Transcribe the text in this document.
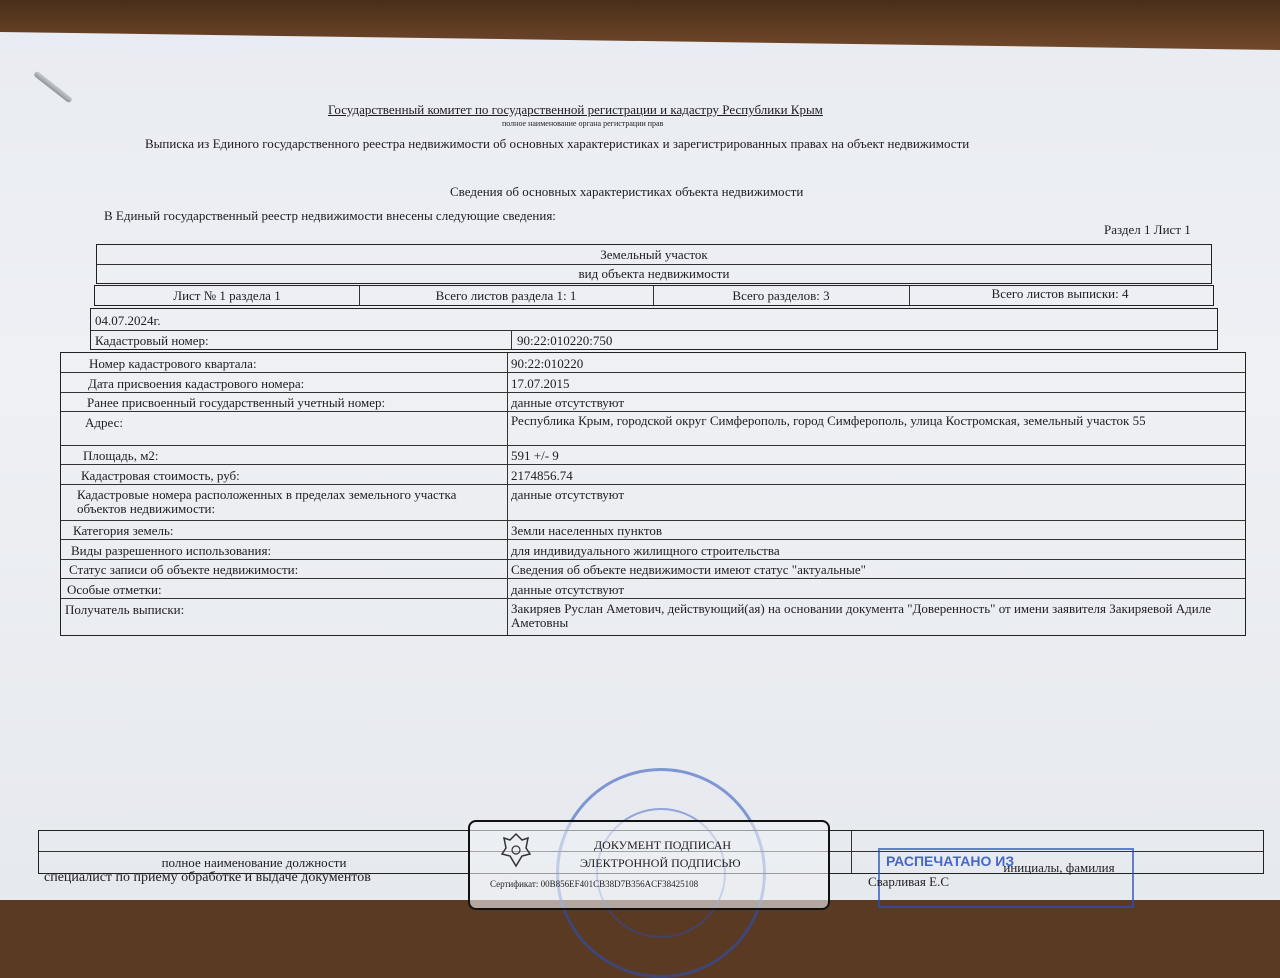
Государственный комитет по государственной регистрации и кадастру Республики Крым
полное наименование органа регистрации прав
Выписка из Единого государственного реестра недвижимости об основных характеристиках и зарегистрированных правах на объект недвижимости
Сведения об основных характеристиках объекта недвижимости
В Единый государственный реестр недвижимости внесены следующие сведения:
Раздел 1 Лист 1
Земельный участок
вид объекта недвижимости
Лист № 1 раздела 1	Всего листов раздела 1: 1	Всего разделов: 3	Всего листов выписки: 4
04.07.2024г.
Кадастровый номер:	90:22:010220:750
Номер кадастрового квартала:	90:22:010220
Дата присвоения кадастрового номера:	17.07.2015
Ранее присвоенный государственный учетный номер:	данные отсутствуют
Адрес:	Республика Крым, городской округ Симферополь, город Симферополь, улица Костромская, земельный участок 55
Площадь, м2:	591 +/- 9
Кадастровая стоимость, руб:	2174856.74
Кадастровые номера расположенных в пределах земельного участка объектов недвижимости:
данные отсутствуют
Категория земель:	Земли населенных пунктов
Виды разрешенного использования:	для индивидуального жилищного строительства
Статус записи об объекте недвижимости:	Сведения об объекте недвижимости имеют статус "актуальные"
Особые отметки:	данные отсутствуют
Получатель выписки:	Закиряев Руслан Аметович, действующий(ая) на основании документа "Доверенность" от имени заявителя Закиряевой Адиле Аметовны
полное наименование должности	инициалы, фамилия
ДОКУМЕНТ ПОДПИСАН
ЭЛЕКТРОННОЙ ПОДПИСЬЮ
Сертификат: 00B856EF401CB38D7B356ACF38425108
РАСПЕЧАТАНО ИЗ
специалист по приему обработке и выдаче документов	Сварливая Е.С
